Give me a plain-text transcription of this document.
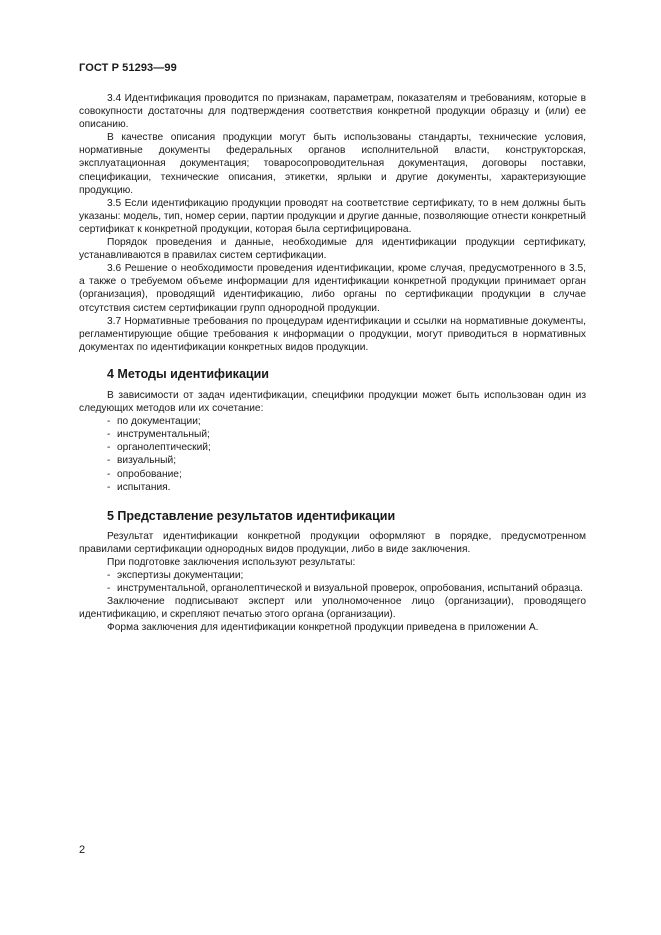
ГОСТ Р 51293—99

3.4 Идентификация проводится по признакам, параметрам, показателям и требованиям, которые в совокупности достаточны для подтверждения соответствия конкретной продукции образцу и (или) ее описанию.

В качестве описания продукции могут быть использованы стандарты, технические условия, нормативные документы федеральных органов исполнительной власти, конструкторская, эксплуатационная документация; товаросопроводительная документация, договоры поставки, спецификации, технические описания, этикетки, ярлыки и другие документы, характеризующие продукцию.

3.5 Если идентификацию продукции проводят на соответствие сертификату, то в нем должны быть указаны: модель, тип, номер серии, партии продукции и другие данные, позволяющие отнести конкретный сертификат к конкретной продукции, которая была сертифицирована.

Порядок проведения и данные, необходимые для идентификации продукции сертификату, устанавливаются в правилах систем сертификации.

3.6 Решение о необходимости проведения идентификации, кроме случая, предусмотренного в 3.5, а также о требуемом объеме информации для идентификации конкретной продукции принимает орган (организация), проводящий идентификацию, либо органы по сертификации продукции в случае отсутствия систем сертификации групп однородной продукции.

3.7 Нормативные требования по процедурам идентификации и ссылки на нормативные документы, регламентирующие общие требования к информации о продукции, могут приводиться в нормативных документах по идентификации конкретных видов продукции.

4 Методы идентификации

В зависимости от задач идентификации, специфики продукции может быть использован один из следующих методов или их сочетание:

- по документации;
- инструментальный;
- органолептический;
- визуальный;
- опробование;
- испытания.
5 Представление результатов идентификации

Результат идентификации конкретной продукции оформляют в порядке, предусмотренном правилами сертификации однородных видов продукции, либо в виде заключения.

При подготовке заключения используют результаты:

- экспертизы документации;
- инструментальной, органолептической и визуальной проверок, опробования, испытаний образца.

Заключение подписывают эксперт или уполномоченное лицо (организации), проводящего идентификацию, и скрепляют печатью этого органа (организации).

Форма заключения для идентификации конкретной продукции приведена в приложении А.

2
